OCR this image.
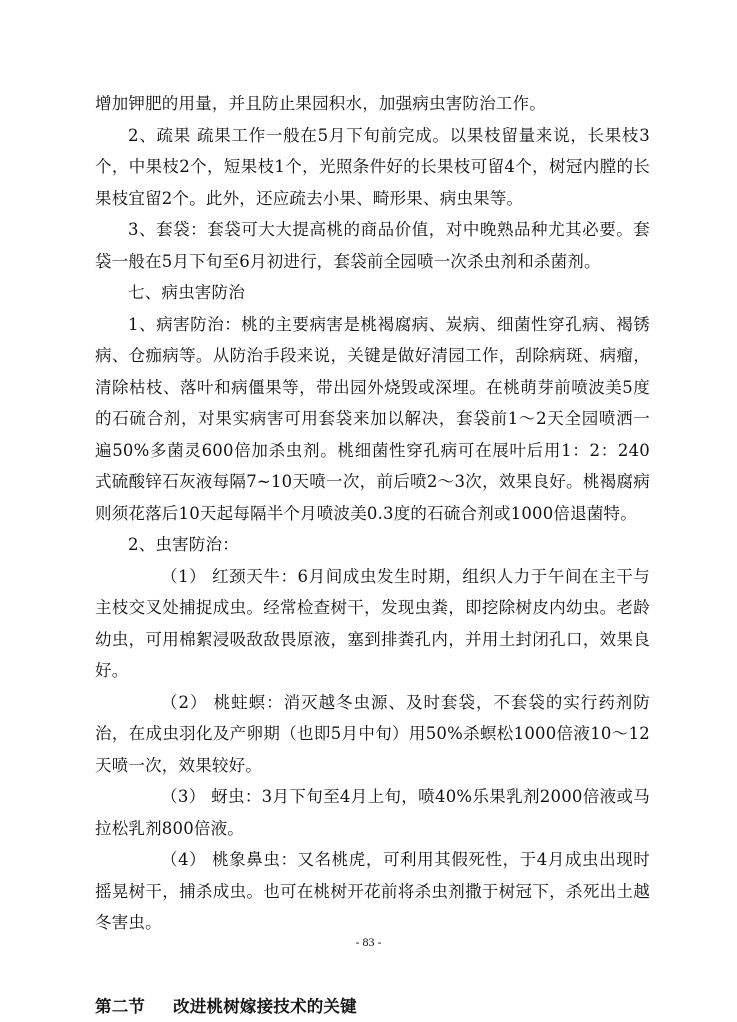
增加钾肥的用量，并且防止果园积水，加强病虫害防治工作。

2、疏果 疏果工作一般在5月下旬前完成。以果枝留量来说，长果枝3个，中果枝2个，短果枝1个，光照条件好的长果枝可留4个，树冠内膛的长果枝宜留2个。此外，还应疏去小果、畸形果、病虫果等。

3、套袋：套袋可大大提高桃的商品价值，对中晚熟品种尤其必要。套袋一般在5月下旬至6月初进行，套袋前全园喷一次杀虫剂和杀菌剂。

七、病虫害防治

1、病害防治：桃的主要病害是桃褐腐病、炭病、细菌性穿孔病、褐锈病、仓痂病等。从防治手段来说，关键是做好清园工作，刮除病斑、病瘤，清除枯枝、落叶和病僵果等，带出园外烧毁或深埋。在桃萌芽前喷波美5度的石硫合剂，对果实病害可用套袋来加以解决，套袋前1～2天全园喷洒一遍50%多菌灵600倍加杀虫剂。桃细菌性穿孔病可在展叶后用1：2：240式硫酸锌石灰液每隔7~10天喷一次，前后喷2～3次，效果良好。桃褐腐病则须花落后10天起每隔半个月喷波美0.3度的石硫合剂或1000倍退菌特。

2、虫害防治：

（1） 红颈天牛：6月间成虫发生时期，组织人力于午间在主干与主枝交叉处捕捉成虫。经常检查树干，发现虫粪，即挖除树皮内幼虫。老龄幼虫，可用棉絮浸吸敌敌畏原液，塞到排粪孔内，并用土封闭孔口，效果良好。

（2） 桃蛀螟：消灭越冬虫源、及时套袋，不套袋的实行药剂防治，在成虫羽化及产卵期（也即5月中旬）用50%杀螟松1000倍液10～12天喷一次，效果较好。

（3） 蚜虫：3月下旬至4月上旬，喷40%乐果乳剂2000倍液或马拉松乳剂800倍液。

（4） 桃象鼻虫：又名桃虎，可利用其假死性，于4月成虫出现时摇晃树干，捕杀成虫。也可在桃树开花前将杀虫剂撒于树冠下，杀死出土越冬害虫。

第二节 改进桃树嫁接技术的关键

- 83 -
